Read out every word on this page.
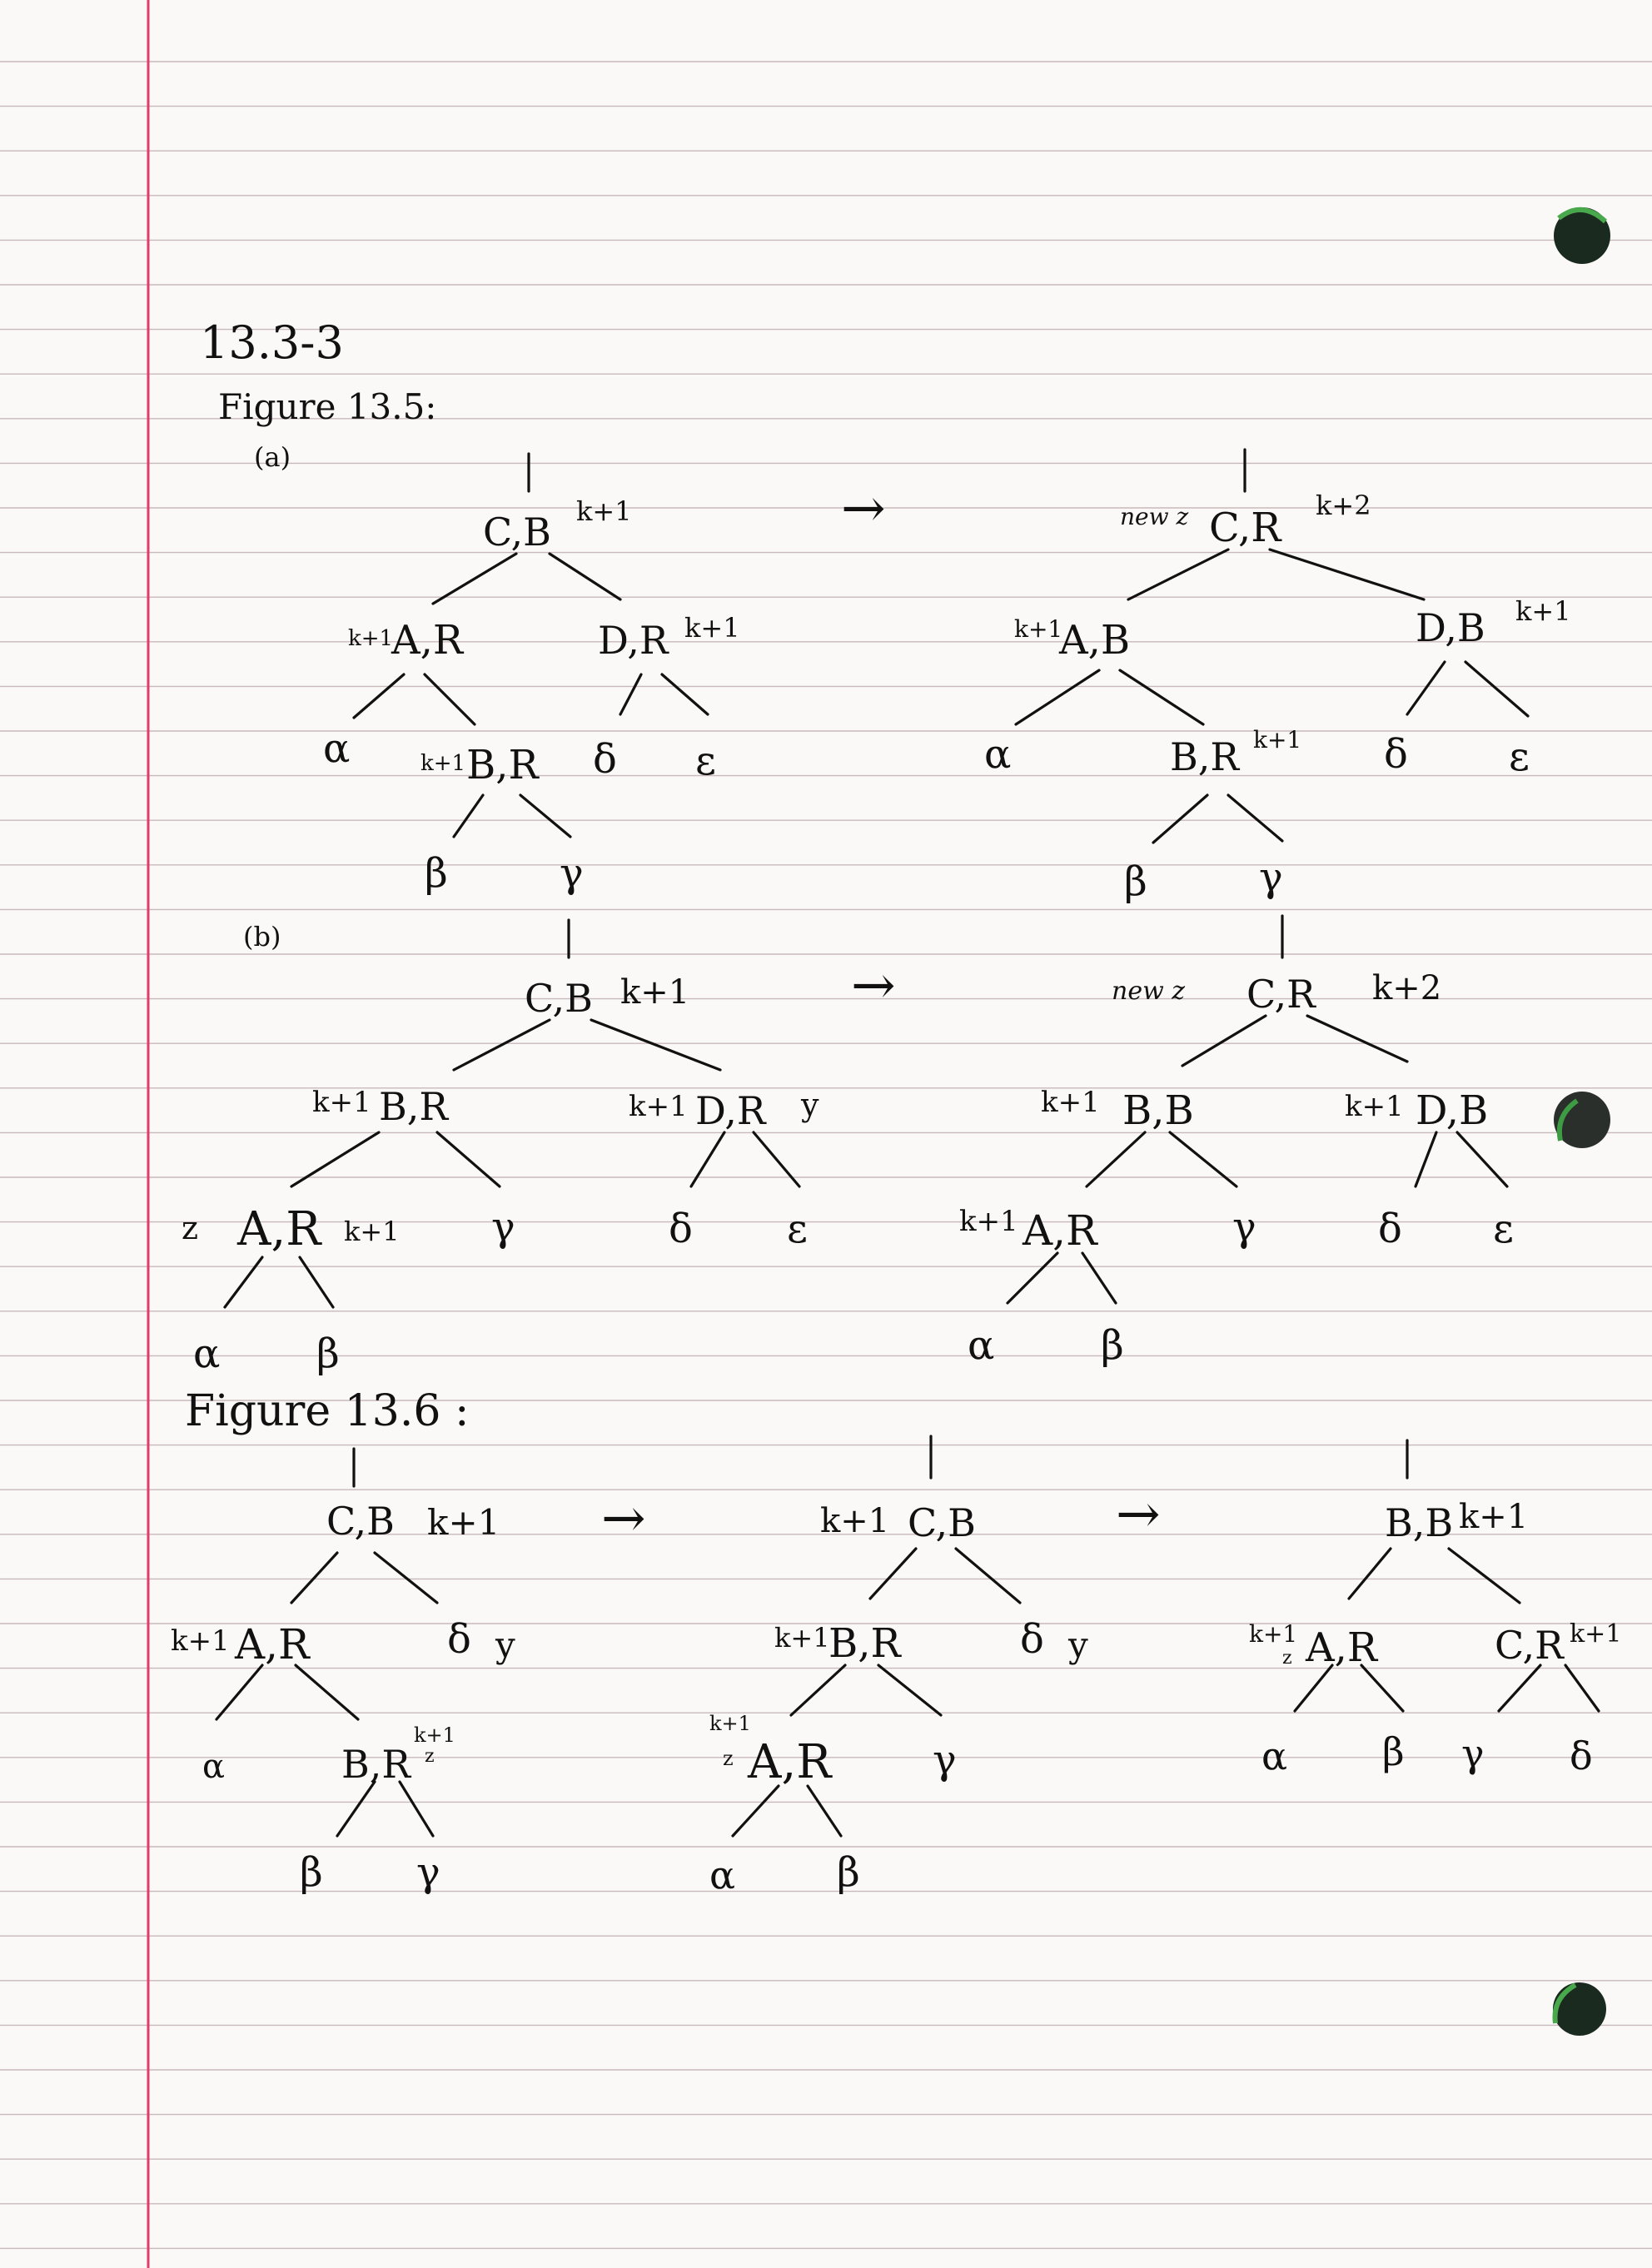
13.3-3
Figure 13.5:
(a)
(b)
Figure 13.6 :
→
→
→	→
C,B k+1
k+1
A,R	D,R k+1
α	k+1 B,R δ ε
β	γ
new z C,R k+2
k+1
A,B	D,B k+1
α	B,R k+1 δ	ε
β	γ
C,B k+1
k+1 B,R	k+1 D,R y
z A,R k+1 γ	δ ε
α β
new z C,R k+2
k+1 B,B	k+1 D,B
k+1 A,R	γ	δ ε
α	β
C,B k+1
k+1 A,R	δ y
α	B,R
k+1
z
β γ
k+1 C,B
k+1
B,R	δ y
k+1
z A,R	γ
α	β
B,B k+1
k+1
z A,R	C,R k+1
α β γ δ
